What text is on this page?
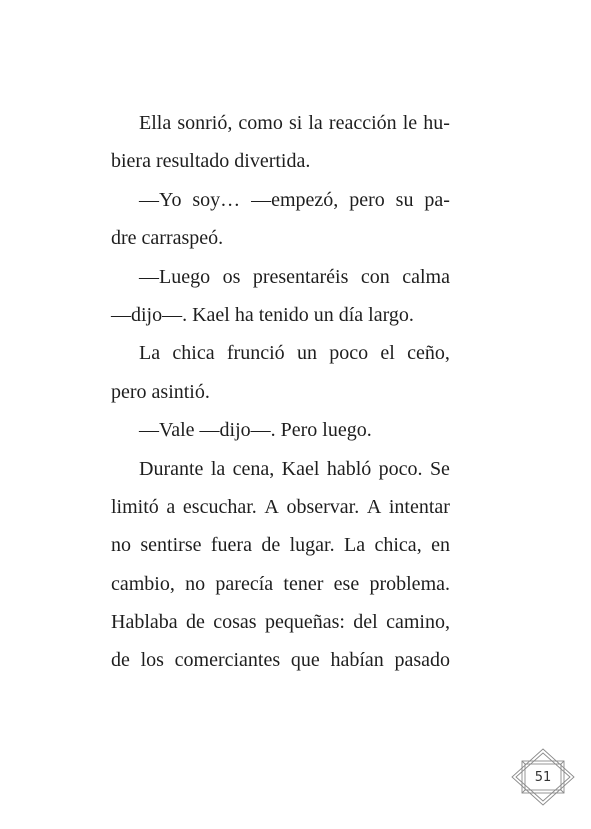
Ella sonrió, como si la reacción le hu-
biera resultado divertida.
—Yo soy… —empezó, pero su pa-
dre carraspeó.
—Luego os presentaréis con calma
—dijo—. Kael ha tenido un día largo.
La chica frunció un poco el ceño,
pero asintió.
—Vale —dijo—. Pero luego.
Durante la cena, Kael habló poco. Se
limitó a escuchar. A observar. A intentar
no sentirse fuera de lugar. La chica, en
cambio, no parecía tener ese problema.
Hablaba de cosas pequeñas: del camino,
de los comerciantes que habían pasado
51
